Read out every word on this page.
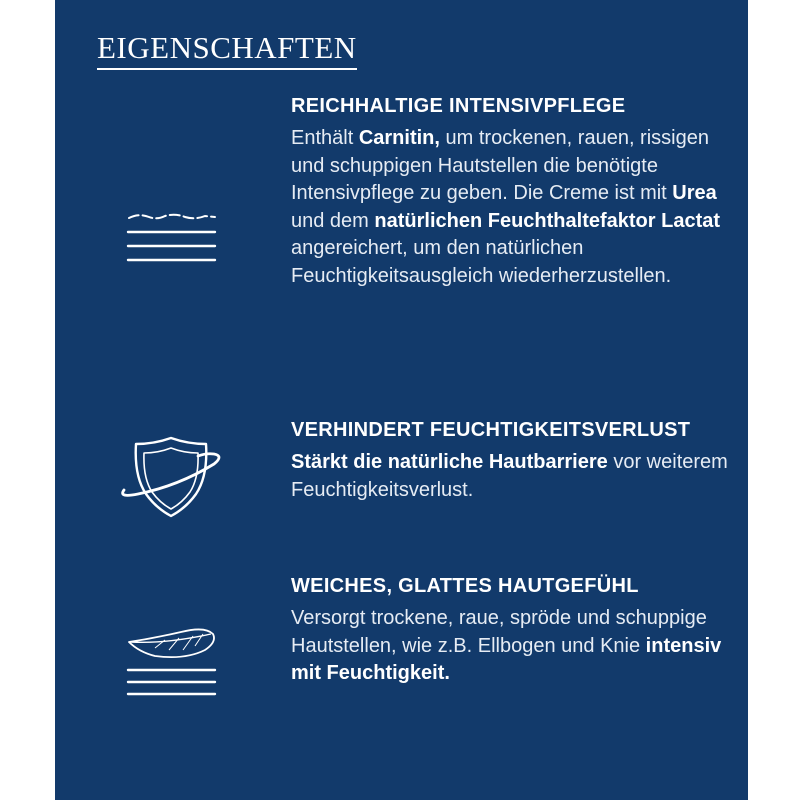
EIGENSCHAFTEN
REICHHALTIGE INTENSIVPFLEGE
Enthält Carnitin, um trockenen, rauen, rissigen und schuppigen Hautstellen die benötigte Intensivpflege zu geben. Die Creme ist mit Urea und dem natürlichen Feuchthaltefaktor Lactat angereichert, um den natürlichen Feuchtigkeitsausgleich wiederherzustellen.
VERHINDERT FEUCHTIGKEITSVERLUST
Stärkt die natürliche Hautbarriere vor weiterem Feuchtigkeitsverlust.
WEICHES, GLATTES HAUTGEFÜHL
Versorgt trockene, raue, spröde und schuppige Hautstellen, wie z.B. Ellbogen und Knie intensiv mit Feuchtigkeit.
